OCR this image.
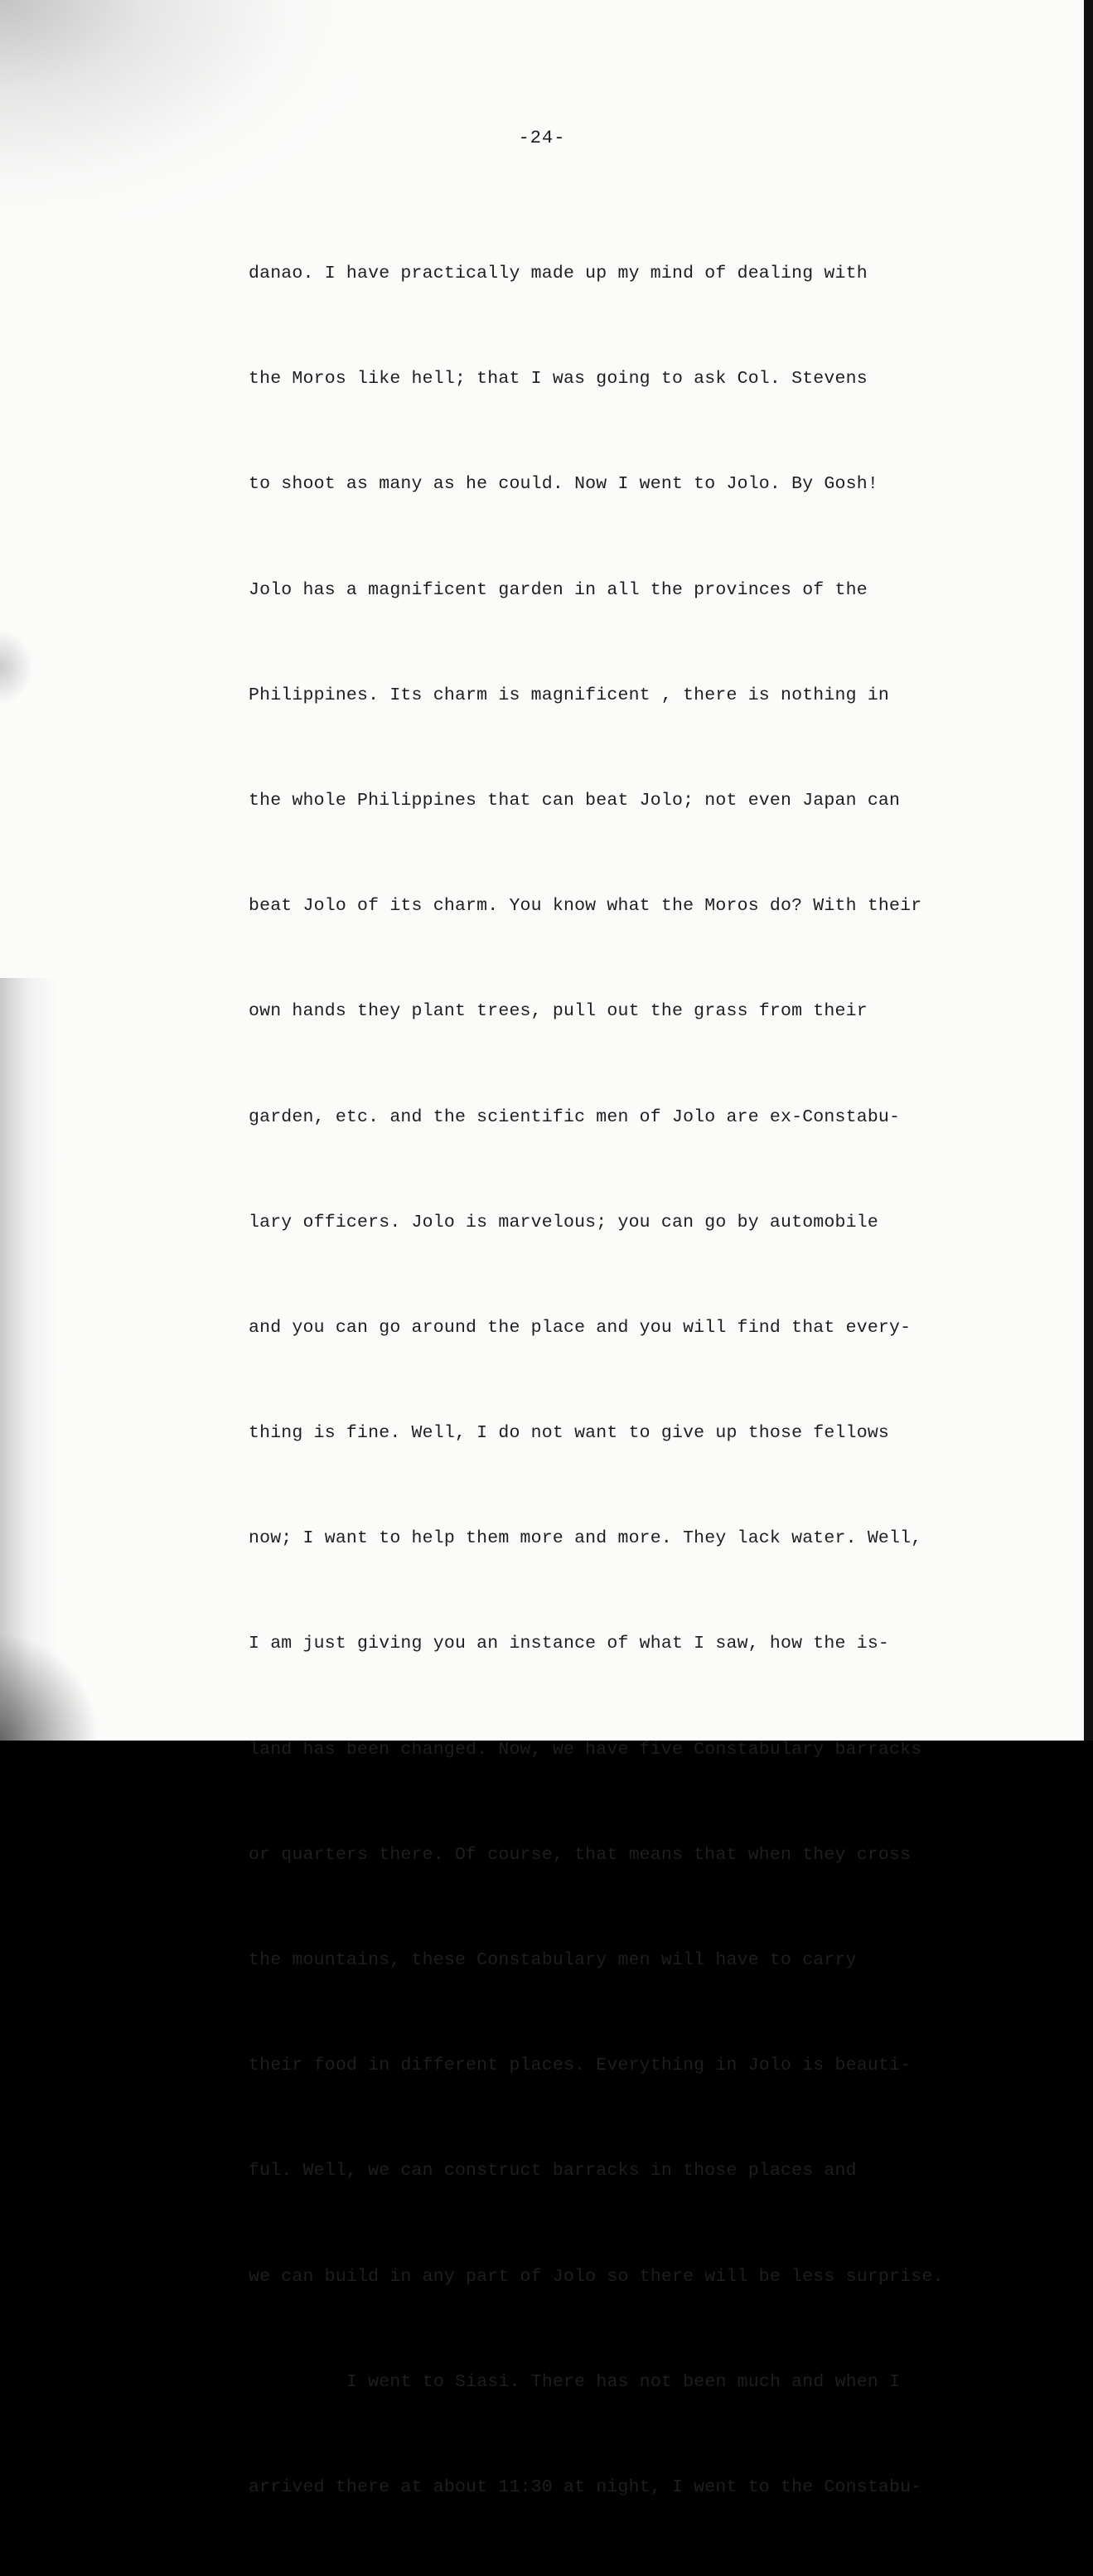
-24-

danao. I have practically made up my mind of dealing with

the Moros like hell; that I was going to ask Col. Stevens

to shoot as many as he could. Now I went to Jolo. By Gosh!

Jolo has a magnificent garden in all the provinces of the

Philippines. Its charm is magnificent , there is nothing in

the whole Philippines that can beat Jolo; not even Japan can

beat Jolo of its charm. You know what the Moros do? With their

own hands they plant trees, pull out the grass from their

garden, etc. and the scientific men of Jolo are ex-Constabu-

lary officers. Jolo is marvelous; you can go by automobile

and you can go around the place and you will find that every-

thing is fine. Well, I do not want to give up those fellows

now; I want to help them more and more. They lack water. Well,

I am just giving you an instance of what I saw, how the is-

land has been changed. Now, we have five Constabulary barracks

or quarters there. Of course, that means that when they cross

the mountains, these Constabulary men will have to carry

their food in different places. Everything in Jolo is beauti-

ful. Well, we can construct barracks in those places and

we can build in any part of Jolo so there will be less surprise.

I went to Siasi. There has not been much and when I

arrived there at about 11:30 at night, I went to the Constabu-
